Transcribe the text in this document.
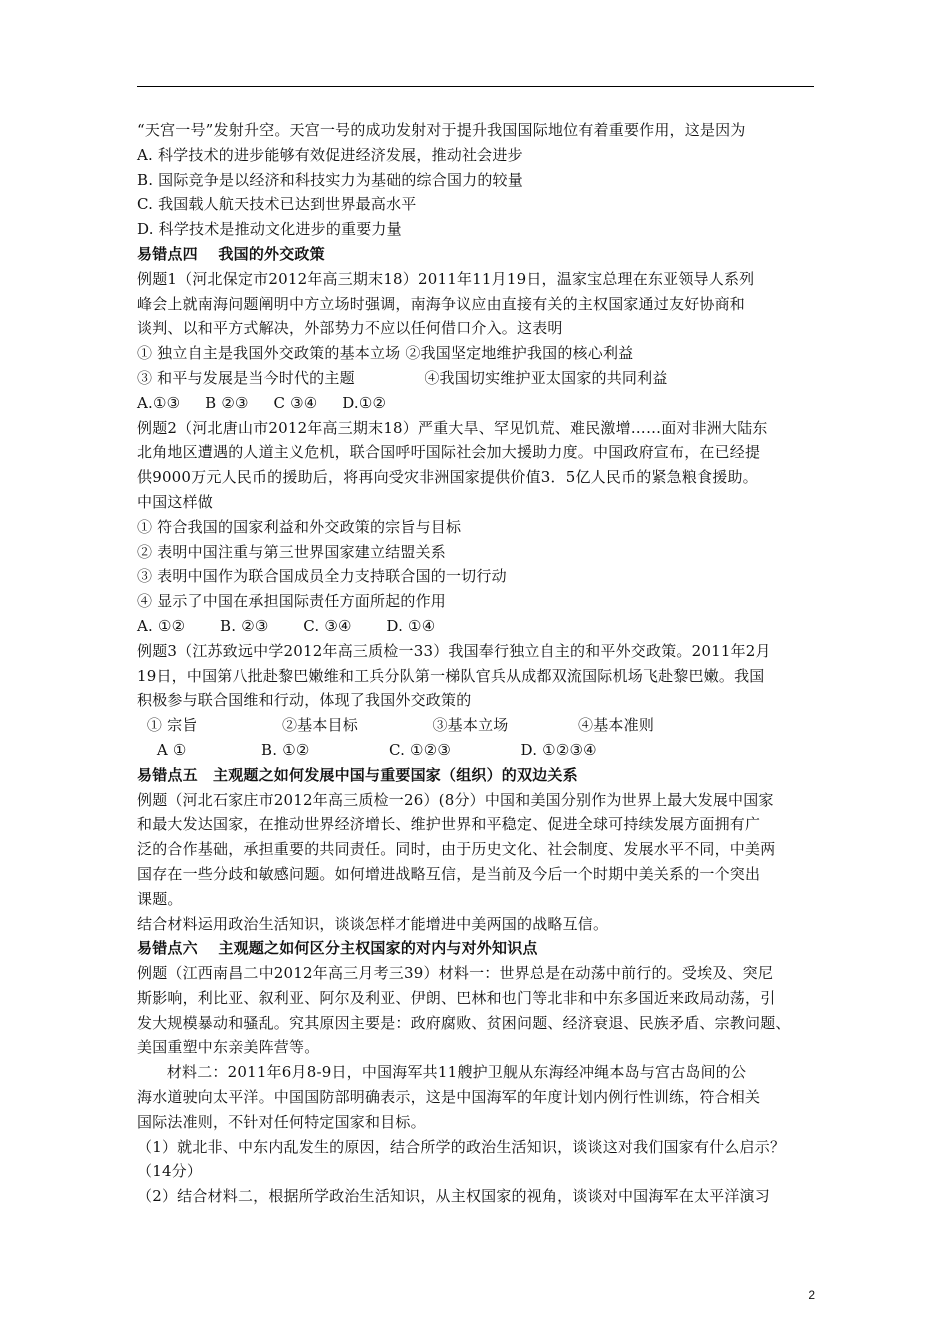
“天宫一号”发射升空。天宫一号的成功发射对于提升我国国际地位有着重要作用，这是因为
A. 科学技术的进步能够有效促进经济发展，推动社会进步
B. 国际竞争是以经济和科技实力为基础的综合国力的较量
C. 我国载人航天技术已达到世界最高水平
D. 科学技术是推动文化进步的重要力量
易错点四　 我国的外交政策
例题1（河北保定市2012年高三期末18）2011年11月19日，温家宝总理在东亚领导人系列
峰会上就南海问题阐明中方立场时强调，南海争议应由直接有关的主权国家通过友好协商和
谈判、以和平方式解决，外部势力不应以任何借口介入。这表明
① 独立自主是我国外交政策的基本立场 ②我国坚定地维护我国的核心利益
③ 和平与发展是当今时代的主题              ④我国切实维护亚太国家的共同利益
A.①③     B ②③     C ③④     D.①②
例题2（河北唐山市2012年高三期末18）严重大旱、罕见饥荒、难民激增……面对非洲大陆东
北角地区遭遇的人道主义危机，联合国呼吁国际社会加大援助力度。中国政府宣布，在已经提
供9000万元人民币的援助后，将再向受灾非洲国家提供价值3．5亿人民币的紧急粮食援助。
中国这样做
① 符合我国的国家利益和外交政策的宗旨与目标
② 表明中国注重与第三世界国家建立结盟关系
③ 表明中国作为联合国成员全力支持联合国的一切行动
④ 显示了中国在承担国际责任方面所起的作用
A. ①②       B. ②③       C. ③④       D. ①④
例题3（江苏致远中学2012年高三质检一33）我国奉行独立自主的和平外交政策。2011年2月
19日，中国第八批赴黎巴嫩维和工兵分队第一梯队官兵从成都双流国际机场飞赴黎巴嫩。我国
积极参与联合国维和行动，体现了我国外交政策的
① 宗旨                 ②基本目标               ③基本立场              ④基本准则
A ①               B. ①②                C. ①②③              D. ①②③④
易错点五　主观题之如何发展中国与重要国家（组织）的双边关系
例题（河北石家庄市2012年高三质检一26）(8分）中国和美国分别作为世界上最大发展中国家
和最大发达国家，在推动世界经济增长、维护世界和平稳定、促进全球可持续发展方面拥有广
泛的合作基础，承担重要的共同责任。同时，由于历史文化、社会制度、发展水平不同，中美两
国存在一些分歧和敏感问题。如何增进战略互信，是当前及今后一个时期中美关系的一个突出
课题。
结合材料运用政治生活知识，谈谈怎样才能增进中美两国的战略互信。
易错点六　 主观题之如何区分主权国家的对内与对外知识点
例题（江西南昌二中2012年高三月考三39）材料一：世界总是在动荡中前行的。受埃及、突尼
斯影响，利比亚、叙利亚、阿尔及利亚、伊朗、巴林和也门等北非和中东多国近来政局动荡，引
发大规模暴动和骚乱。究其原因主要是：政府腐败、贫困问题、经济衰退、民族矛盾、宗教问题、
美国重塑中东亲美阵营等。
材料二：2011年6月8-9日，中国海军共11艘护卫舰从东海经冲绳本岛与宫古岛间的公
海水道驶向太平洋。中国国防部明确表示，这是中国海军的年度计划内例行性训练，符合相关
国际法准则，不针对任何特定国家和目标。
（1）就北非、中东内乱发生的原因，结合所学的政治生活知识，谈谈这对我们国家有什么启示？
（14分）
（2）结合材料二，根据所学政治生活知识，从主权国家的视角，谈谈对中国海军在太平洋演习
2
